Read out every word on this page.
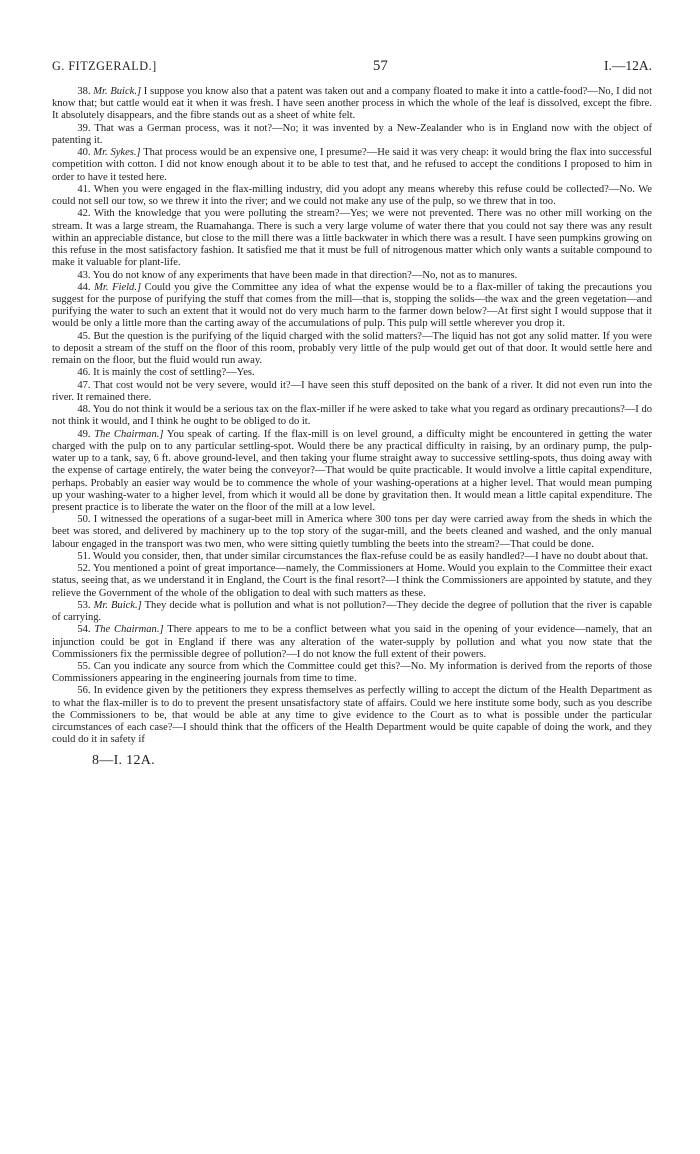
G. FITZGERALD.]	57	I.—12A.

38. Mr. Buick.] I suppose you know also that a patent was taken out and a company floated to make it into a cattle-food?—No, I did not know that; but cattle would eat it when it was fresh. I have seen another process in which the whole of the leaf is dissolved, except the fibre. It absolutely disappears, and the fibre stands out as a sheet of white felt.

39. That was a German process, was it not?—No; it was invented by a New-Zealander who is in England now with the object of patenting it.

40. Mr. Sykes.] That process would be an expensive one, I presume?—He said it was very cheap: it would bring the flax into successful competition with cotton. I did not know enough about it to be able to test that, and he refused to accept the conditions I proposed to him in order to have it tested here.

41. When you were engaged in the flax-milling industry, did you adopt any means whereby this refuse could be collected?—No. We could not sell our tow, so we threw it into the river; and we could not make any use of the pulp, so we threw that in too.

42. With the knowledge that you were polluting the stream?—Yes; we were not prevented. There was no other mill working on the stream. It was a large stream, the Ruamahanga. There is such a very large volume of water there that you could not say there was any result within an appreciable distance, but close to the mill there was a little backwater in which there was a result. I have seen pumpkins growing on this refuse in the most satisfactory fashion. It satisfied me that it must be full of nitrogenous matter which only wants a suitable compound to make it valuable for plant-life.

43. You do not know of any experiments that have been made in that direction?—No, not as to manures.

44. Mr. Field.] Could you give the Committee any idea of what the expense would be to a flax-miller of taking the precautions you suggest for the purpose of purifying the stuff that comes from the mill—that is, stopping the solids—the wax and the green vegetation—and purifying the water to such an extent that it would not do very much harm to the farmer down below?—At first sight I would suppose that it would be only a little more than the carting away of the accumulations of pulp. This pulp will settle wherever you drop it.

45. But the question is the purifying of the liquid charged with the solid matters?—The liquid has not got any solid matter. If you were to deposit a stream of the stuff on the floor of this room, probably very little of the pulp would get out of that door. It would settle here and remain on the floor, but the fluid would run away.

46. It is mainly the cost of settling?—Yes.

47. That cost would not be very severe, would it?—I have seen this stuff deposited on the bank of a river. It did not even run into the river. It remained there.

48. You do not think it would be a serious tax on the flax-miller if he were asked to take what you regard as ordinary precautions?—I do not think it would, and I think he ought to be obliged to do it.

49. The Chairman.] You speak of carting. If the flax-mill is on level ground, a difficulty might be encountered in getting the water charged with the pulp on to any particular settling-spot. Would there be any practical difficulty in raising, by an ordinary pump, the pulp-water up to a tank, say, 6 ft. above ground-level, and then taking your flume straight away to successive settling-spots, thus doing away with the expense of cartage entirely, the water being the conveyor?—That would be quite practicable. It would involve a little capital expenditure, perhaps. Probably an easier way would be to commence the whole of your washing-operations at a higher level. That would mean pumping up your washing-water to a higher level, from which it would all be done by gravitation then. It would mean a little capital expenditure. The present practice is to liberate the water on the floor of the mill at a low level.

50. I witnessed the operations of a sugar-beet mill in America where 300 tons per day were carried away from the sheds in which the beet was stored, and delivered by machinery up to the top story of the sugar-mill, and the beets cleaned and washed, and the only manual labour engaged in the transport was two men, who were sitting quietly tumbling the beets into the stream?—That could be done.

51. Would you consider, then, that under similar circumstances the flax-refuse could be as easily handled?—I have no doubt about that.

52. You mentioned a point of great importance—namely, the Commissioners at Home. Would you explain to the Committee their exact status, seeing that, as we understand it in England, the Court is the final resort?—I think the Commissioners are appointed by statute, and they relieve the Government of the whole of the obligation to deal with such matters as these.

53. Mr. Buick.] They decide what is pollution and what is not pollution?—They decide the degree of pollution that the river is capable of carrying.

54. The Chairman.] There appears to me to be a conflict between what you said in the opening of your evidence—namely, that an injunction could be got in England if there was any alteration of the water-supply by pollution and what you now state that the Commissioners fix the permissible degree of pollution?—I do not know the full extent of their powers.

55. Can you indicate any source from which the Committee could get this?—No. My information is derived from the reports of those Commissioners appearing in the engineering journals from time to time.

56. In evidence given by the petitioners they express themselves as perfectly willing to accept the dictum of the Health Department as to what the flax-miller is to do to prevent the present unsatisfactory state of affairs. Could we here institute some body, such as you describe the Commissioners to be, that would be able at any time to give evidence to the Court as to what is possible under the particular circumstances of each case?—I should think that the officers of the Health Department would be quite capable of doing the work, and they could do it in safety if

8—I. 12A.
